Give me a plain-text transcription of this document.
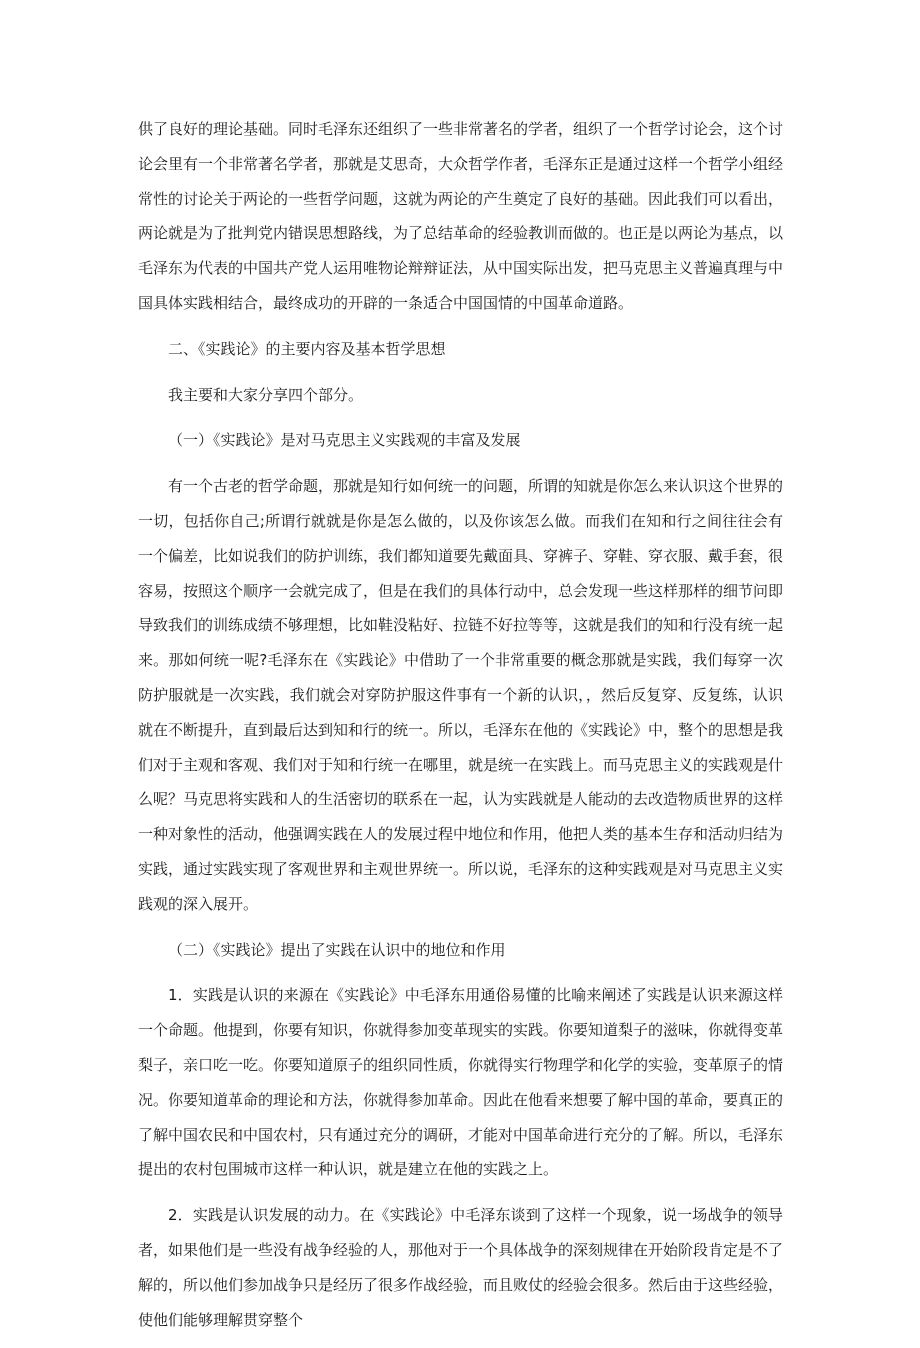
供了良好的理论基础。同时毛泽东还组织了一些非常著名的学者，组织了一个哲学讨论会，这个讨论会里有一个非常著名学者，那就是艾思奇，大众哲学作者，毛泽东正是通过这样一个哲学小组经常性的讨论关于两论的一些哲学问题，这就为两论的产生奠定了良好的基础。因此我们可以看出，两论就是为了批判党内错误思想路线，为了总结革命的经验教训而做的。也正是以两论为基点，以毛泽东为代表的中国共产党人运用唯物论辩辩证法，从中国实际出发，把马克思主义普遍真理与中国具体实践相结合，最终成功的开辟的一条适合中国国情的中国革命道路。

二、《实践论》的主要内容及基本哲学思想

我主要和大家分享四个部分。

（一）《实践论》是对马克思主义实践观的丰富及发展

有一个古老的哲学命题，那就是知行如何统一的问题，所谓的知就是你怎么来认识这个世界的一切，包括你自己;所谓行就就是你是怎么做的，以及你该怎么做。而我们在知和行之间往往会有一个偏差，比如说我们的防护训练，我们都知道要先戴面具、穿裤子、穿鞋、穿衣服、戴手套，很容易，按照这个顺序一会就完成了，但是在我们的具体行动中，总会发现一些这样那样的细节问即导致我们的训练成绩不够理想，比如鞋没粘好、拉链不好拉等等，这就是我们的知和行没有统一起来。那如何统一呢?毛泽东在《实践论》中借助了一个非常重要的概念那就是实践，我们每穿一次防护服就是一次实践，我们就会对穿防护服这件事有一个新的认识，，然后反复穿、反复练，认识就在不断提升，直到最后达到知和行的统一。所以，毛泽东在他的《实践论》中，整个的思想是我们对于主观和客观、我们对于知和行统一在哪里，就是统一在实践上。而马克思主义的实践观是什么呢？马克思将实践和人的生活密切的联系在一起，认为实践就是人能动的去改造物质世界的这样一种对象性的活动，他强调实践在人的发展过程中地位和作用，他把人类的基本生存和活动归结为实践，通过实践实现了客观世界和主观世界统一。所以说，毛泽东的这种实践观是对马克思主义实践观的深入展开。

（二）《实践论》提出了实践在认识中的地位和作用

1．实践是认识的来源在《实践论》中毛泽东用通俗易懂的比喻来阐述了实践是认识来源这样一个命题。他提到，你要有知识，你就得参加变革现实的实践。你要知道梨子的滋味，你就得变革梨子，亲口吃一吃。你要知道原子的组织同性质，你就得实行物理学和化学的实验，变革原子的情况。你要知道革命的理论和方法，你就得参加革命。因此在他看来想要了解中国的革命，要真正的了解中国农民和中国农村，只有通过充分的调研，才能对中国革命进行充分的了解。所以，毛泽东提出的农村包围城市这样一种认识，就是建立在他的实践之上。

2．实践是认识发展的动力。在《实践论》中毛泽东谈到了这样一个现象，说一场战争的领导者，如果他们是一些没有战争经验的人，那他对于一个具体战争的深刻规律在开始阶段肯定是不了解的，所以他们参加战争只是经历了很多作战经验，而且败仗的经验会很多。然后由于这些经验，使他们能够理解贯穿整个
